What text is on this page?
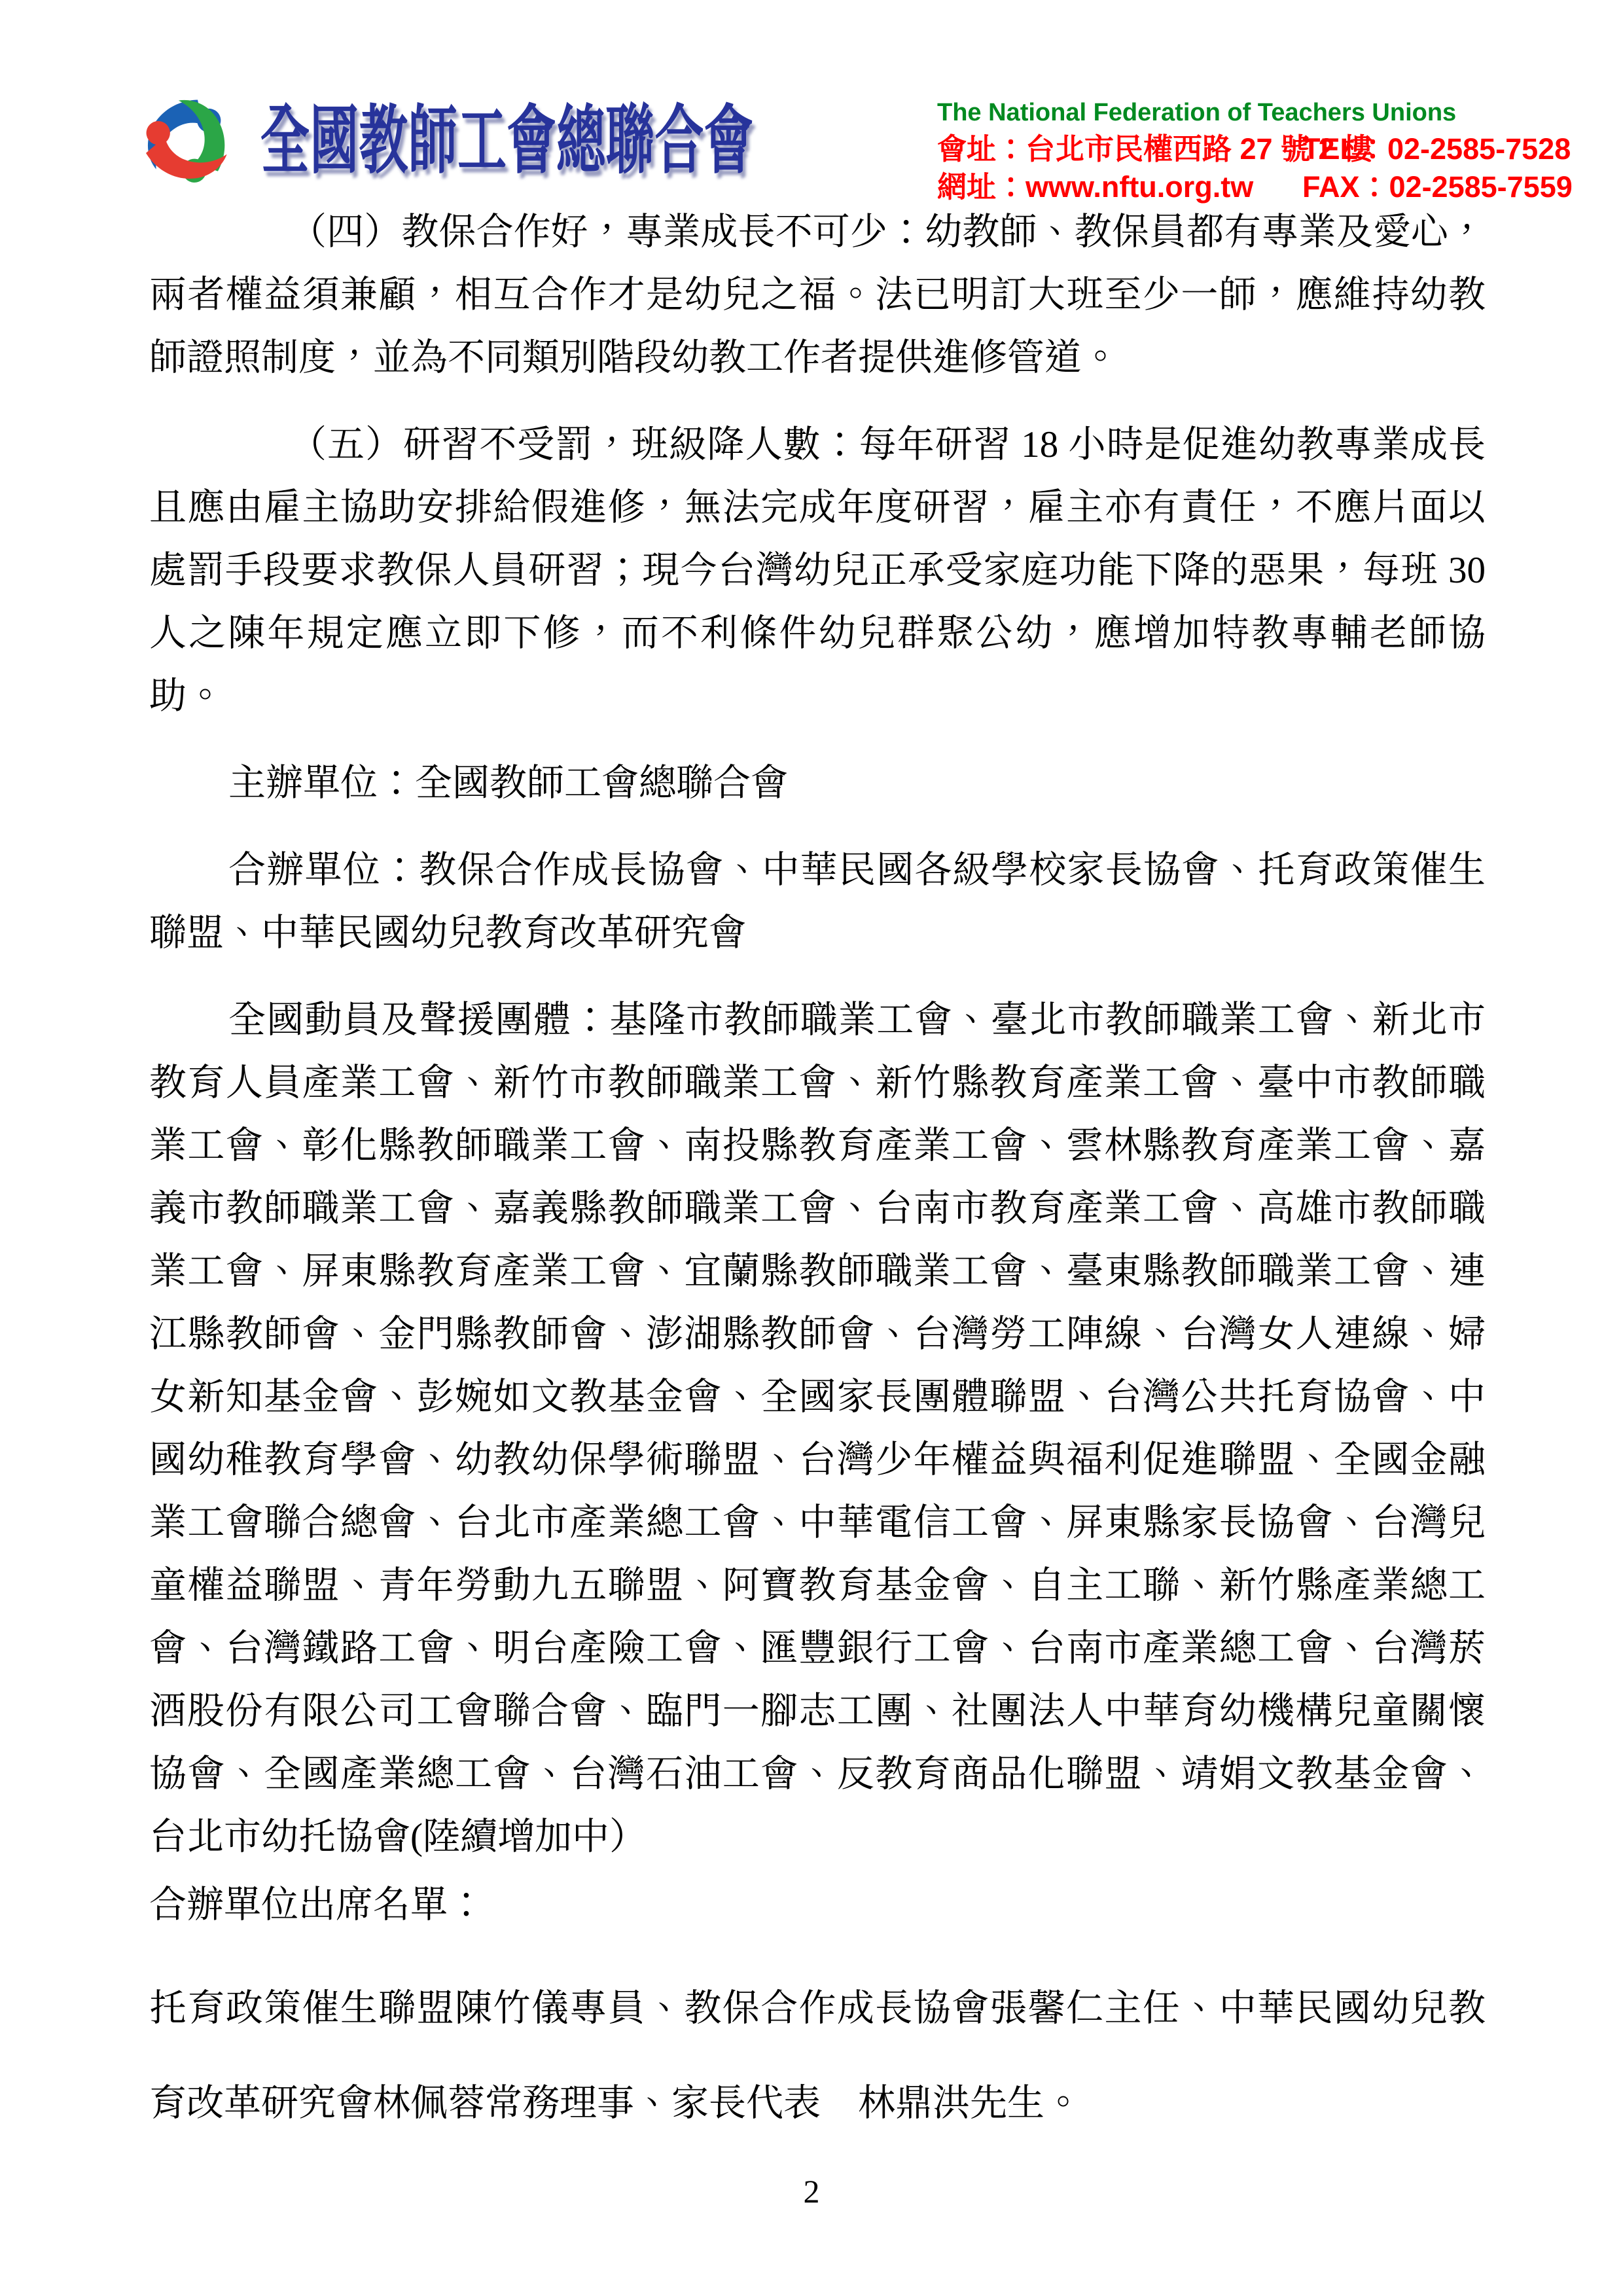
全國教師工會總聯合會	The National Federation of Teachers Unions
會址：台北市民權西路 27 號 2 樓
TEL：02-2585-7528
網址：www.nftu.org.tw	FAX：02-2585-7559

（四）教保合作好，專業成長不可少：幼教師、教保員都有專業及愛心，兩者權益須兼顧，相互合作才是幼兒之福。法已明訂大班至少一師，應維持幼教師證照制度，並為不同類別階段幼教工作者提供進修管道。

（五）研習不受罰，班級降人數：每年研習 18 小時是促進幼教專業成長且應由雇主協助安排給假進修，無法完成年度研習，雇主亦有責任，不應片面以處罰手段要求教保人員研習；現今台灣幼兒正承受家庭功能下降的惡果，每班 30 人之陳年規定應立即下修，而不利條件幼兒群聚公幼，應增加特教專輔老師協助。

主辦單位：全國教師工會總聯合會

合辦單位：教保合作成長協會、中華民國各級學校家長協會、托育政策催生聯盟、中華民國幼兒教育改革研究會

全國動員及聲援團體：基隆市教師職業工會、臺北市教師職業工會、新北市教育人員產業工會、新竹市教師職業工會、新竹縣教育產業工會、臺中市教師職業工會、彰化縣教師職業工會、南投縣教育產業工會、雲林縣教育產業工會、嘉義市教師職業工會、嘉義縣教師職業工會、台南市教育產業工會、高雄市教師職業工會、屏東縣教育產業工會、宜蘭縣教師職業工會、臺東縣教師職業工會、連江縣教師會、金門縣教師會、澎湖縣教師會、台灣勞工陣線、台灣女人連線、婦女新知基金會、彭婉如文教基金會、全國家長團體聯盟、台灣公共托育協會、中國幼稚教育學會、幼教幼保學術聯盟、台灣少年權益與福利促進聯盟、全國金融業工會聯合總會、台北市產業總工會、中華電信工會、屏東縣家長協會、台灣兒童權益聯盟、青年勞動九五聯盟、阿寶教育基金會、自主工聯、新竹縣產業總工會、台灣鐵路工會、明台產險工會、匯豐銀行工會、台南市產業總工會、台灣菸酒股份有限公司工會聯合會、臨門一腳志工團、社團法人中華育幼機構兒童關懷協會、全國產業總工會、台灣石油工會、反教育商品化聯盟、靖娟文教基金會、台北市幼托協會(陸續增加中）

合辦單位出席名單：

托育政策催生聯盟陳竹儀專員、教保合作成長協會張馨仁主任、中華民國幼兒教育改革研究會林佩蓉常務理事、家長代表　林鼎洪先生。

2
